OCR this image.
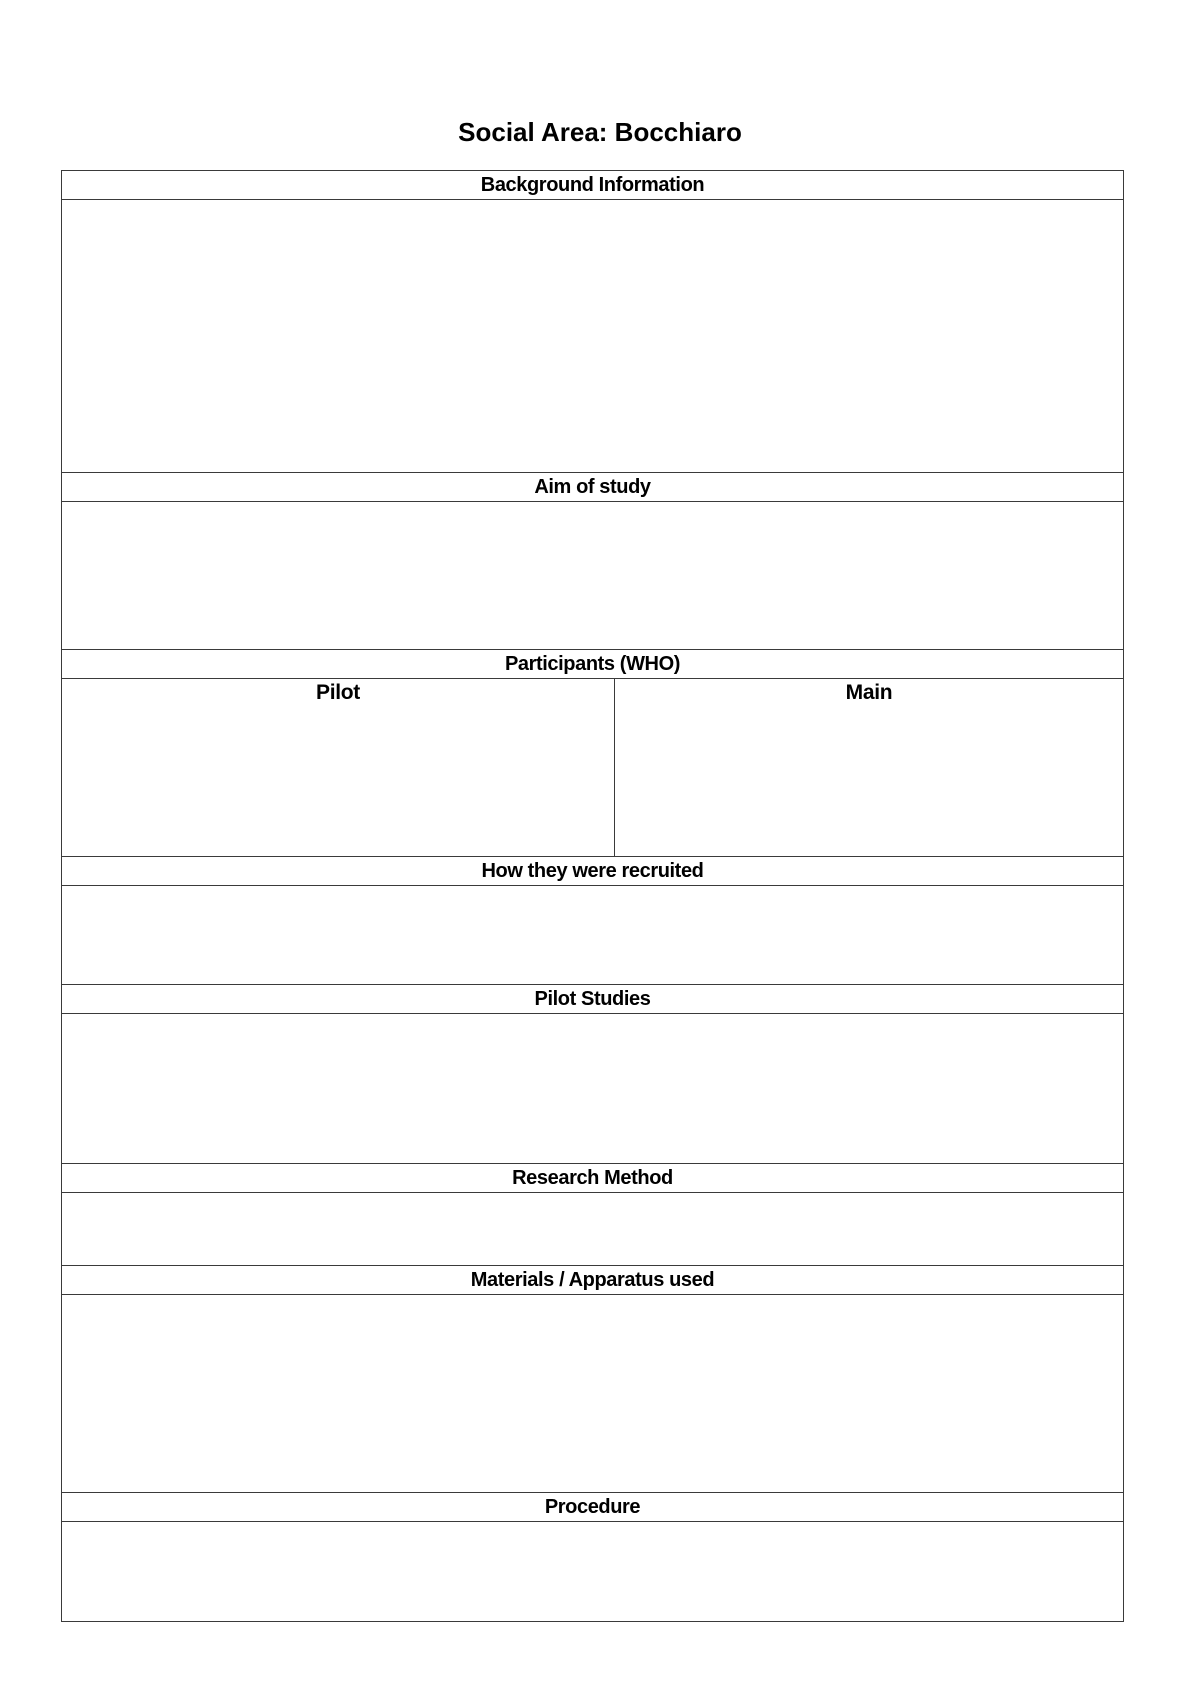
Social Area: Bocchiaro
Background Information

Aim of study

Participants (WHO)

Pilot	Main

How they were recruited

Pilot Studies

Research Method

Materials / Apparatus used

Procedure
